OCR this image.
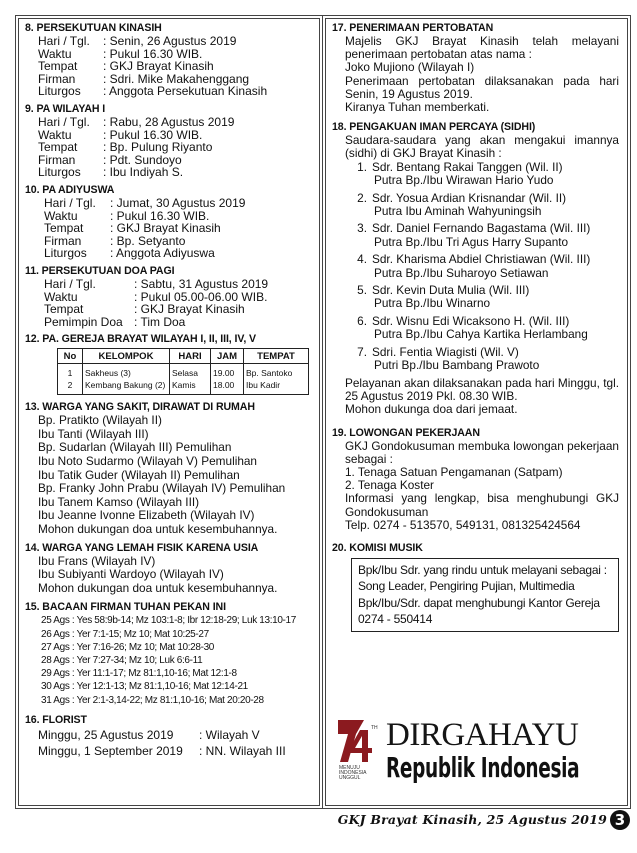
8. PERSEKUTUAN KINASIH

Hari / Tgl.	: Senin, 26 Agustus 2019
Waktu	: Pukul 16.30 WIB.
Tempat	: GKJ Brayat Kinasih
Firman	: Sdri. Mike Makahenggang
Liturgos	: Anggota Persekutuan Kinasih

9. PA WILAYAH I

Hari / Tgl.	: Rabu, 28 Agustus 2019
Waktu	: Pukul 16.30 WIB.
Tempat	: Bp. Pulung Riyanto
Firman	: Pdt. Sundoyo
Liturgos	: Ibu Indiyah S.

10. PA ADIYUSWA

Hari / Tgl.	: Jumat, 30 Agustus 2019
Waktu	: Pukul 16.30 WIB.
Tempat	: GKJ Brayat Kinasih
Firman	: Bp. Setyanto
Liturgos	: Anggota Adiyuswa

11. PERSEKUTUAN DOA PAGI

Hari / Tgl.	: Sabtu, 31 Agustus 2019
Waktu	: Pukul 05.00-06.00 WIB.
Tempat	: GKJ Brayat Kinasih
Pemimpin Doa : Tim Doa

12. PA. GEREJA BRAYAT WILAYAH I, II, III, IV, V

No	KELOMPOK	HARI	JAM	TEMPAT
1	Sakheus (3)	Selasa	19.00	Bp. Santoko
2	Kembang Bakung (2)	Kamis	18.00	Ibu Kadir

13. WARGA YANG SAKIT, DIRAWAT DI RUMAH

Bp. Pratikto (Wilayah II)
Ibu Tanti (Wilayah III)
Bp. Sudarlan (Wilayah III) Pemulihan
Ibu Noto Sudarmo (Wilayah V) Pemulihan
Ibu Tatik Guder (Wilayah II) Pemulihan
Bp. Franky John Prabu (Wilayah IV) Pemulihan
Ibu Tanem Kamso (Wilayah III)
Ibu Jeanne Ivonne Elizabeth (Wilayah IV)
Mohon dukungan doa untuk kesembuhannya.

14. WARGA YANG LEMAH FISIK KARENA USIA

Ibu Frans (Wilayah IV)
Ibu Subiyanti Wardoyo (Wilayah IV)
Mohon dukungan doa untuk kesembuhannya.

15. BACAAN FIRMAN TUHAN PEKAN INI

25 Ags : Yes 58:9b-14; Mz 103:1-8; Ibr 12:18-29; Luk 13:10-17
26 Ags : Yer 7:1-15; Mz 10; Mat 10:25-27
27 Ags : Yer 7:16-26; Mz 10; Mat 10:28-30
28 Ags : Yer 7:27-34; Mz 10; Luk 6:6-11
29 Ags : Yer 11:1-17; Mz 81:1,10-16; Mat 12:1-8
30 Ags : Yer 12:1-13; Mz 81:1,10-16; Mat 12:14-21
31 Ags : Yer 2:1-3,14-22; Mz 81:1,10-16; Mat 20:20-28

16. FLORIST

Minggu, 25 Agustus 2019	: Wilayah V
Minggu, 1 September 2019	: NN. Wilayah III

17. PENERIMAAN PERTOBATAN

Majelis GKJ Brayat Kinasih telah melayani penerimaan pertobatan atas nama :
Joko Mujiono (Wilayah I)
Penerimaan pertobatan dilaksanakan pada hari Senin, 19 Agustus 2019.
Kiranya Tuhan memberkati.

18. PENGAKUAN IMAN PERCAYA (SIDHI)

Saudara-saudara yang akan mengakui imannya (sidhi) di GKJ Brayat Kinasih :
1. Sdr. Bentang Rakai Tanggen (Wil. II)
Putra Bp./Ibu Wirawan Hario Yudo
2. Sdr. Yosua Ardian Krisnandar (Wil. II)
Putra Ibu Aminah Wahyuningsih
3. Sdr. Daniel Fernando Bagastama (Wil. III)
Putra Bp./Ibu Tri Agus Harry Supanto
4. Sdr. Kharisma Abdiel Christiawan (Wil. III)
Putra Bp./Ibu Suharoyo Setiawan
5. Sdr. Kevin Duta Mulia (Wil. III)
Putra Bp./Ibu Winarno
6. Sdr. Wisnu Edi Wicaksono H. (Wil. III)
Putra Bp./Ibu Cahya Kartika Herlambang
7. Sdri. Fentia Wiagisti (Wil. V)
Putri Bp./Ibu Bambang Prawoto
Pelayanan akan dilaksanakan pada hari Minggu, tgl. 25 Agustus 2019 Pkl. 08.30 WIB.
Mohon dukunga doa dari jemaat.

19. LOWONGAN PEKERJAAN

GKJ Gondokusuman membuka lowongan pekerjaan sebagai :
1. Tenaga Satuan Pengamanan (Satpam)
2. Tenaga Koster
Informasi yang lengkap, bisa menghubungi GKJ Gondokusuman
Telp. 0274 - 513570, 549131, 081325424564

20. KOMISI MUSIK

Bpk/Ibu Sdr. yang rindu untuk melayani sebagai :
Song Leader, Pengiring Pujian, Multimedia
Bpk/Ibu/Sdr. dapat menghubungi Kantor Gereja
0274 - 550414
TH
MENUJU
INDONESIA
UNGGUL
DIRGAHAYU
Republik Indonesia
GKJ Brayat Kinasih, 25 Agustus 2019 3
